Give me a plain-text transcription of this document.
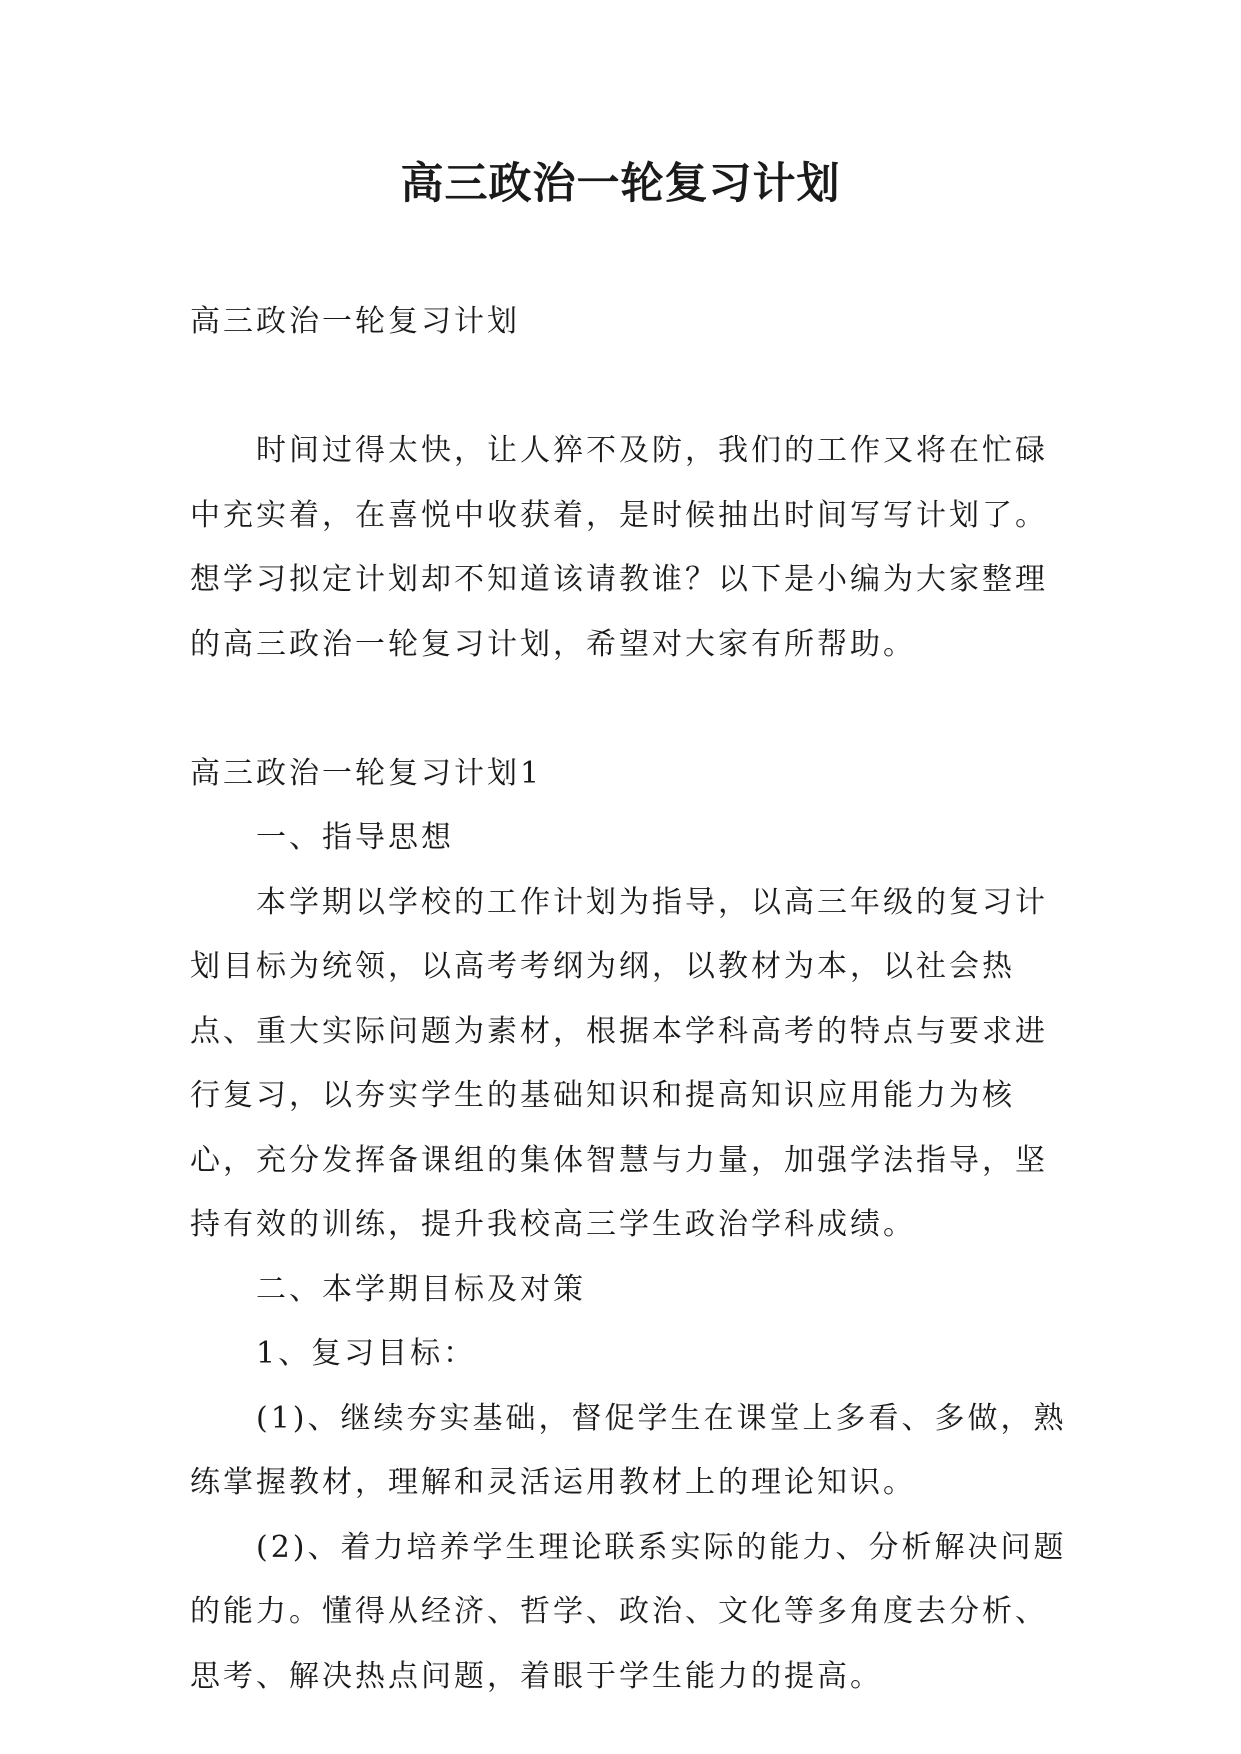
高三政治一轮复习计划

高三政治一轮复习计划

时间过得太快，让人猝不及防，我们的工作又将在忙碌中充实着，在喜悦中收获着，是时候抽出时间写写计划了。想学习拟定计划却不知道该请教谁？以下是小编为大家整理的高三政治一轮复习计划，希望对大家有所帮助。

高三政治一轮复习计划1

一、指导思想

本学期以学校的工作计划为指导，以高三年级的复习计划目标为统领，以高考考纲为纲，以教材为本，以社会热点、重大实际问题为素材，根据本学科高考的特点与要求进行复习，以夯实学生的基础知识和提高知识应用能力为核心，充分发挥备课组的集体智慧与力量，加强学法指导，坚持有效的训练，提升我校高三学生政治学科成绩。

二、本学期目标及对策

1、复习目标：

(1)、继续夯实基础，督促学生在课堂上多看、多做，熟练掌握教材，理解和灵活运用教材上的理论知识。

(2)、着力培养学生理论联系实际的能力、分析解决问题的能力。懂得从经济、哲学、政治、文化等多角度去分析、思考、解决热点问题，着眼于学生能力的提高。
